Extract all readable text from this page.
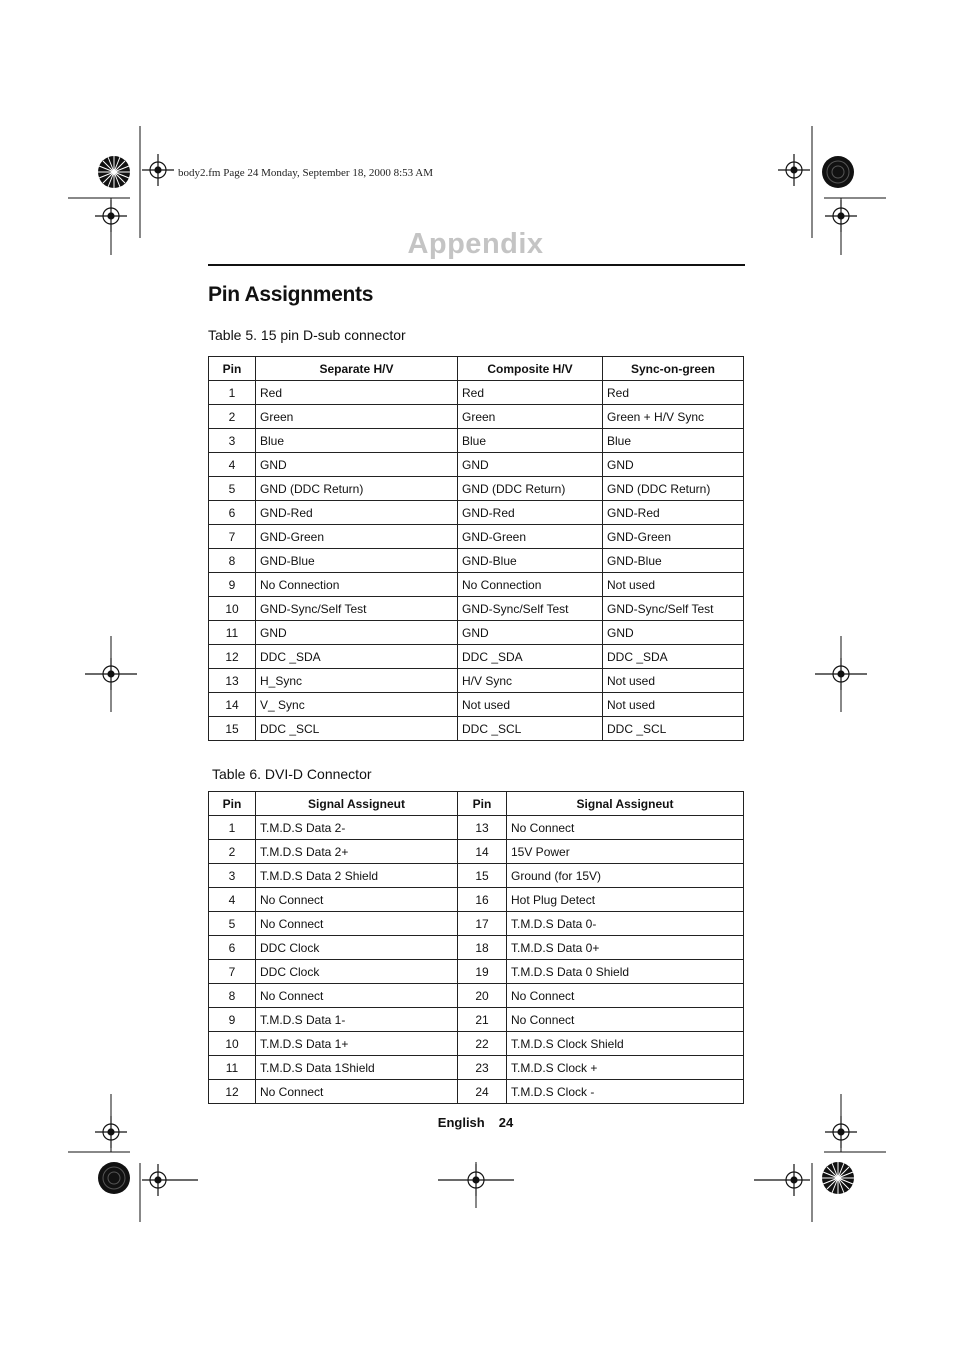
body2.fm Page 24 Monday, September 18, 2000 8:53 AM
Appendix
Pin Assignments
Table 5. 15 pin D-sub connector
Pin	Separate H/V	Composite H/V	Sync-on-green
1	Red	Red	Red
2	Green	Green	Green + H/V Sync
3	Blue	Blue	Blue
4	GND	GND	GND
5	GND (DDC Return)	GND (DDC Return)	GND (DDC Return)
6	GND-Red	GND-Red	GND-Red
7	GND-Green	GND-Green	GND-Green
8	GND-Blue	GND-Blue	GND-Blue
9	No Connection	No Connection	Not used
10	GND-Sync/Self Test	GND-Sync/Self Test	GND-Sync/Self Test
11	GND	GND	GND
12	DDC _SDA	DDC _SDA	DDC _SDA
13	H_Sync	H/V Sync	Not used
14	V_ Sync	Not used	Not used
15	DDC _SCL	DDC _SCL	DDC _SCL
Table 6. DVI-D Connector
Pin	Signal Assigneut	Pin	Signal Assigneut
1	T.M.D.S Data 2-	13	No Connect
2	T.M.D.S Data 2+	14	15V Power
3	T.M.D.S Data 2 Shield	15	Ground (for 15V)
4	No Connect	16	Hot Plug Detect
5	No Connect	17	T.M.D.S Data 0-
6	DDC Clock	18	T.M.D.S Data 0+
7	DDC Clock	19	T.M.D.S Data 0 Shield
8	No Connect	20	No Connect
9	T.M.D.S Data 1-	21	No Connect
10	T.M.D.S Data 1+	22	T.M.D.S Clock Shield
11	T.M.D.S Data 1Shield	23	T.M.D.S Clock +
12	No Connect	24	T.M.D.S Clock -
English 24
